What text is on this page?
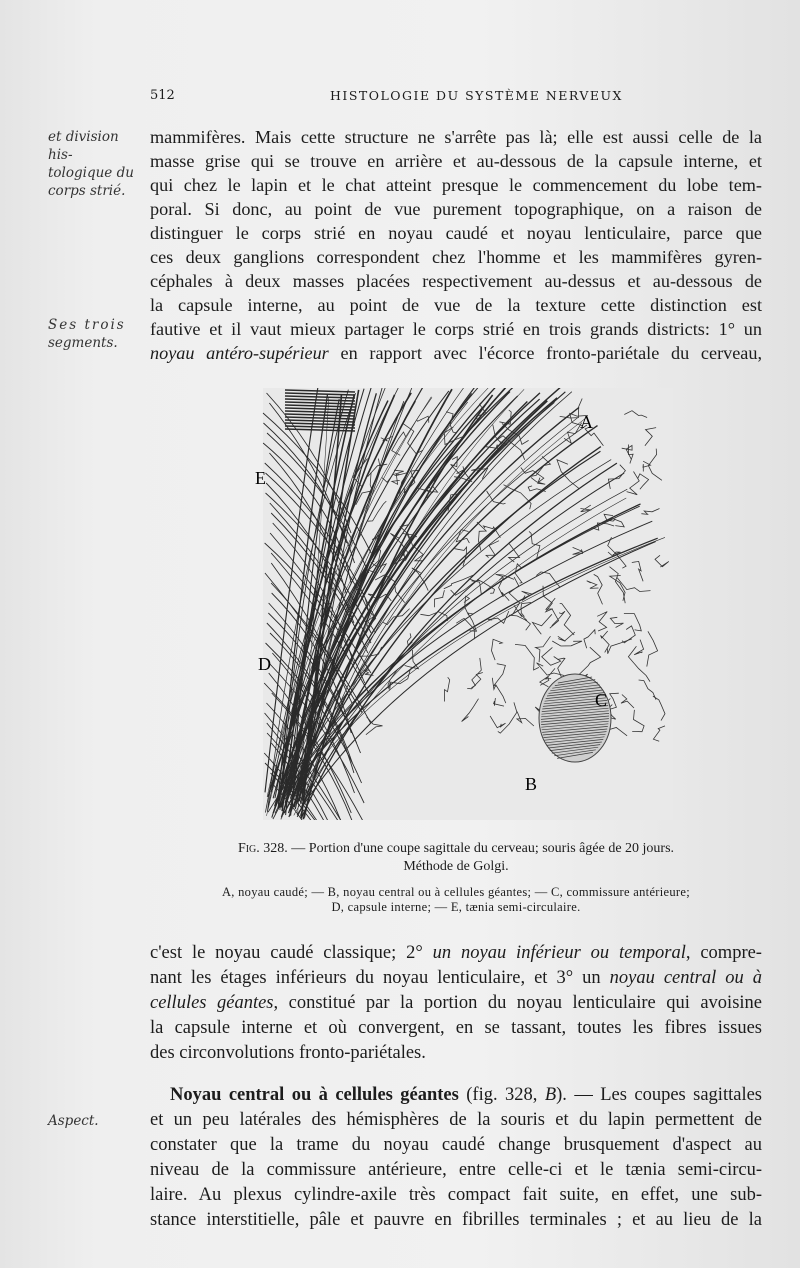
512	HISTOLOGIE DU SYSTÈME NERVEUX
et division his-
tologique du
corps strié.
Ses trois
segments.
Aspect.
mammifères. Mais cette structure ne s'arrête pas là; elle est aussi celle de la
masse grise qui se trouve en arrière et au-dessous de la capsule interne, et
qui chez le lapin et le chat atteint presque le commencement du lobe tem-
poral. Si donc, au point de vue purement topographique, on a raison de
distinguer le corps strié en noyau caudé et noyau lenticulaire, parce que
ces deux ganglions correspondent chez l'homme et les mammifères gyren-
céphales à deux masses placées respectivement au-dessus et au-dessous de
la capsule interne, au point de vue de la texture cette distinction est
fautive et il vaut mieux partager le corps strié en trois grands districts: 1° un
noyau antéro-supérieur en rapport avec l'écorce fronto-pariétale du cerveau,
A
B
C
D
E
Fig. 328. — Portion d'une coupe sagittale du cerveau; souris âgée de 20 jours.
Méthode de Golgi.
A, noyau caudé; — B, noyau central ou à cellules géantes; — C, commissure antérieure;
D, capsule interne; — E, tænia semi-circulaire.
c'est le noyau caudé classique; 2° un noyau inférieur ou temporal, compre-
nant les étages inférieurs du noyau lenticulaire, et 3° un noyau central ou à
cellules géantes, constitué par la portion du noyau lenticulaire qui avoisine
la capsule interne et où convergent, en se tassant, toutes les fibres issues
des circonvolutions fronto-pariétales.
Noyau central ou à cellules géantes (fig. 328, B). — Les coupes sagittales
et un peu latérales des hémisphères de la souris et du lapin permettent de
constater que la trame du noyau caudé change brusquement d'aspect au
niveau de la commissure antérieure, entre celle-ci et le tænia semi-circu-
laire. Au plexus cylindre-axile très compact fait suite, en effet, une sub-
stance interstitielle, pâle et pauvre en fibrilles terminales ; et au lieu de la
